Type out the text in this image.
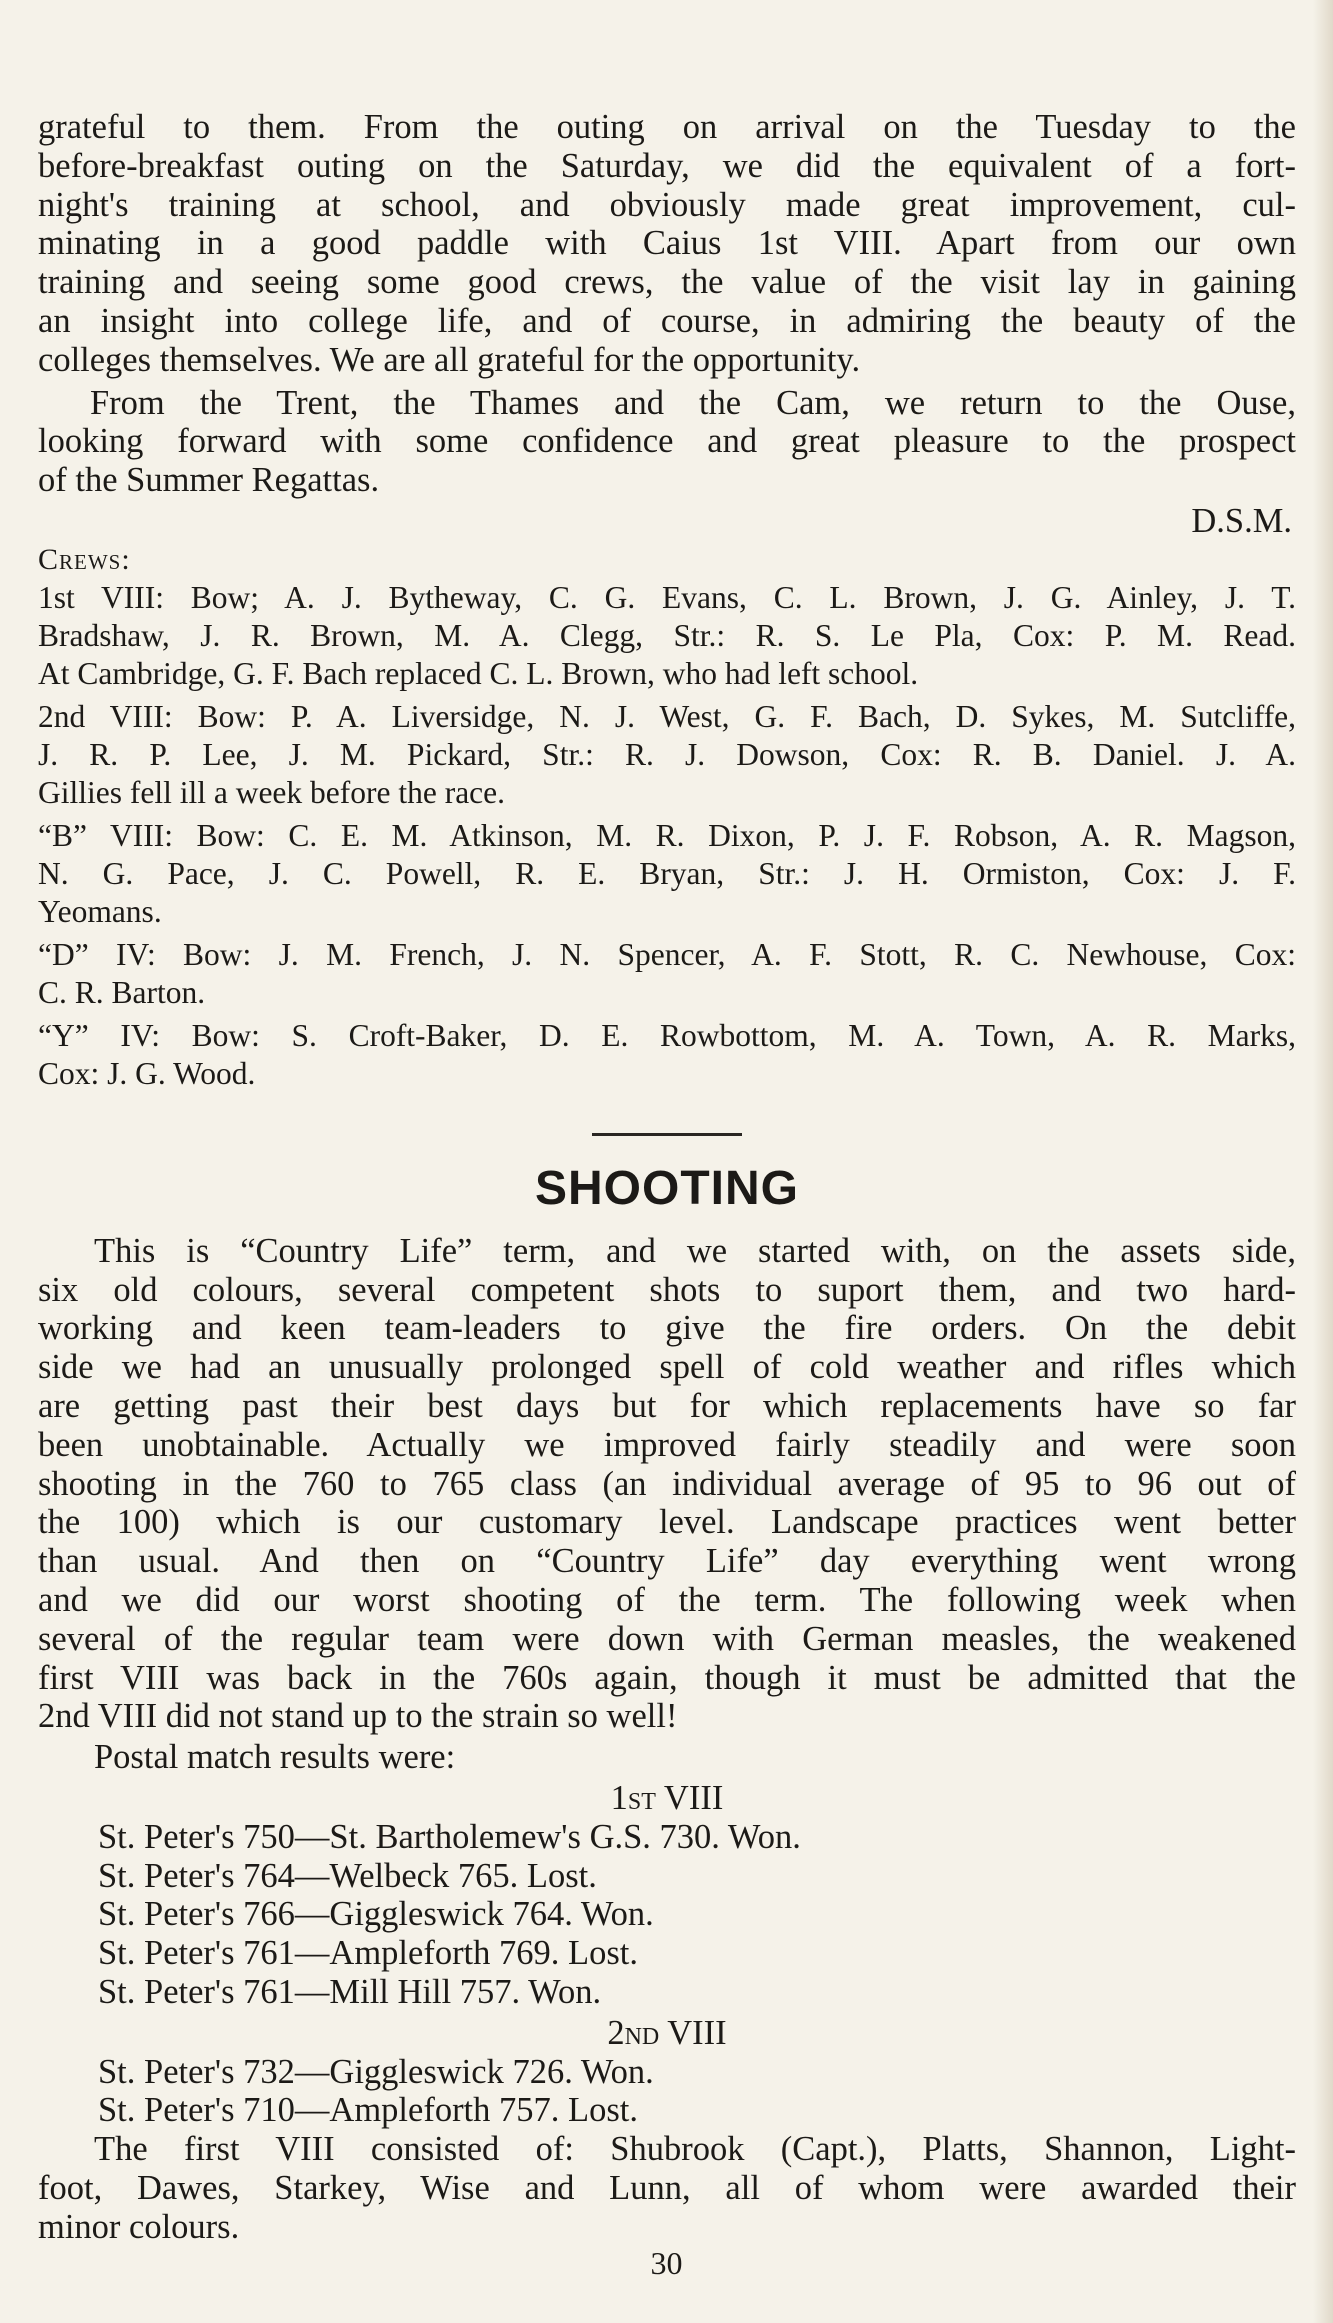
grateful to them. From the outing on arrival on the Tuesday to the
before-breakfast outing on the Saturday, we did the equivalent of a fort-
night's training at school, and obviously made great improvement, cul-
minating in a good paddle with Caius 1st VIII. Apart from our own
training and seeing some good crews, the value of the visit lay in gaining
an insight into college life, and of course, in admiring the beauty of the
colleges themselves. We are all grateful for the opportunity.

From the Trent, the Thames and the Cam, we return to the Ouse,
looking forward with some confidence and great pleasure to the prospect
of the Summer Regattas.

D.S.M.

Crews:

1st VIII: Bow; A. J. Bytheway, C. G. Evans, C. L. Brown, J. G. Ainley, J. T.
Bradshaw, J. R. Brown, M. A. Clegg, Str.: R. S. Le Pla, Cox: P. M. Read.
At Cambridge, G. F. Bach replaced C. L. Brown, who had left school.

2nd VIII: Bow: P. A. Liversidge, N. J. West, G. F. Bach, D. Sykes, M. Sutcliffe,
J. R. P. Lee, J. M. Pickard, Str.: R. J. Dowson, Cox: R. B. Daniel. J. A.
Gillies fell ill a week before the race.

“B” VIII: Bow: C. E. M. Atkinson, M. R. Dixon, P. J. F. Robson, A. R. Magson,
N. G. Pace, J. C. Powell, R. E. Bryan, Str.: J. H. Ormiston, Cox: J. F.
Yeomans.

“D” IV: Bow: J. M. French, J. N. Spencer, A. F. Stott, R. C. Newhouse, Cox:
C. R. Barton.

“Y” IV: Bow: S. Croft-Baker, D. E. Rowbottom, M. A. Town, A. R. Marks,
Cox: J. G. Wood.

SHOOTING

This is “Country Life” term, and we started with, on the assets side,
six old colours, several competent shots to suport them, and two hard-
working and keen team-leaders to give the fire orders. On the debit
side we had an unusually prolonged spell of cold weather and rifles which
are getting past their best days but for which replacements have so far
been unobtainable. Actually we improved fairly steadily and were soon
shooting in the 760 to 765 class (an individual average of 95 to 96 out of
the 100) which is our customary level. Landscape practices went better
than usual. And then on “Country Life” day everything went wrong
and we did our worst shooting of the term. The following week when
several of the regular team were down with German measles, the weakened
first VIII was back in the 760s again, though it must be admitted that the
2nd VIII did not stand up to the strain so well!

Postal match results were:

1st VIII

St. Peter's 750—St. Bartholemew's G.S. 730. Won.

St. Peter's 764—Welbeck 765. Lost.

St. Peter's 766—Giggleswick 764. Won.

St. Peter's 761—Ampleforth 769. Lost.

St. Peter's 761—Mill Hill 757. Won.

2nd VIII

St. Peter's 732—Giggleswick 726. Won.

St. Peter's 710—Ampleforth 757. Lost.

The first VIII consisted of: Shubrook (Capt.), Platts, Shannon, Light-
foot, Dawes, Starkey, Wise and Lunn, all of whom were awarded their
minor colours.

30
